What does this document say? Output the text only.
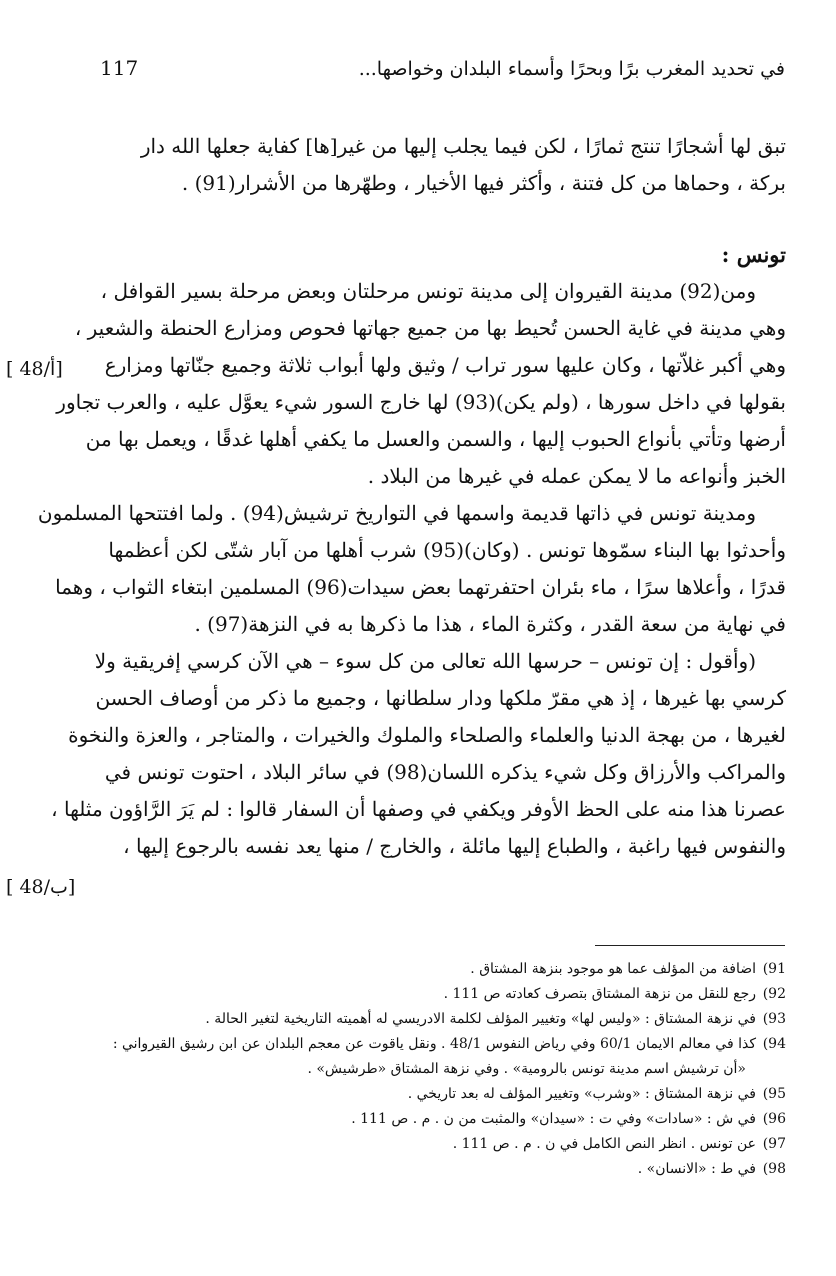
في تحديد المغرب برًا وبحرًا وأسماء البلدان وخواصها...
117
تبق لها أشجارًا تنتج ثمارًا ، لكن فيما يجلب إليها من غير[ها] كفاية جعلها الله دار
بركة ، وحماها من كل فتنة ، وأكثر فيها الأخيار ، وطهّرها من الأشرار(91) .
تونس :
ومن(92) مدينة القيروان إلى مدينة تونس مرحلتان وبعض مرحلة بسير القوافل ،
وهي مدينة في غاية الحسن تُحيط بها من جميع جهاتها فحوص ومزارع الحنطة والشعير ،
وهي أكبر غلاّتها ، وكان عليها سور تراب / وثيق ولها أبواب ثلاثة وجميع جنّاتها ومزارع
بقولها في داخل سورها ، (ولم يكن)(93) لها خارج السور شيء يعوَّل عليه ، والعرب تجاور
أرضها وتأتي بأنواع الحبوب إليها ، والسمن والعسل ما يكفي أهلها غدقًا ، ويعمل بها من
الخبز وأنواعه ما لا يمكن عمله في غيرها من البلاد .
ومدينة تونس في ذاتها قديمة واسمها في التواريخ ترشيش(94) . ولما افتتحها المسلمون
وأحدثوا بها البناء سمّوها تونس . (وكان)(95) شرب أهلها من آبار شتّى لكن أعظمها
قدرًا ، وأعلاها سرًا ، ماء بئران احتفرتهما بعض سيدات(96) المسلمين ابتغاء الثواب ، وهما
في نهاية من سعة القدر ، وكثرة الماء ، هذا ما ذكرها به في النزهة(97) .
(وأقول : إن تونس – حرسها الله تعالى من كل سوء – هي الآن كرسي إفريقية ولا
كرسي بها غيرها ، إذ هي مقرّ ملكها ودار سلطانها ، وجميع ما ذكر من أوصاف الحسن
لغيرها ، من بهجة الدنيا والعلماء والصلحاء والملوك والخيرات ، والمتاجر ، والعزة والنخوة
والمراكب والأرزاق وكل شيء يذكره اللسان(98) في سائر البلاد ، احتوت تونس في
عصرنا هذا منه على الحظ الأوفر ويكفي في وصفها أن السفار قالوا : لم يَرَ الرَّاؤون مثلها ،
والنفوس فيها راغبة ، والطباع إليها مائلة ، والخارج / منها يعد نفسه بالرجوع إليها ،
[ 48/أ]
[ 48/ب]
91)اضافة من المؤلف عما هو موجود بنزهة المشتاق .
92)رجع للنقل من نزهة المشتاق بتصرف كعادته ص 111 .
93)في نزهة المشتاق : «وليس لها» وتغيير المؤلف لكلمة الادريسي له أهميته التاريخية لتغير الحالة .
94)كذا في معالم الايمان 60/1 وفي رياض النفوس 48/1 . ونقل ياقوت عن معجم البلدان عن ابن رشيق القيرواني :
«أن ترشيش اسم مدينة تونس بالرومية» . وفي نزهة المشتاق «طرشيش» .
95)في نزهة المشتاق : «وشرب» وتغيير المؤلف له بعد تاريخي .
96)في ش : «سادات» وفي ت : «سيدان» والمثبت من ن . م . ص 111 .
97)عن تونس . انظر النص الكامل في ن . م . ص 111 .
98)في ط : «الانسان» .
